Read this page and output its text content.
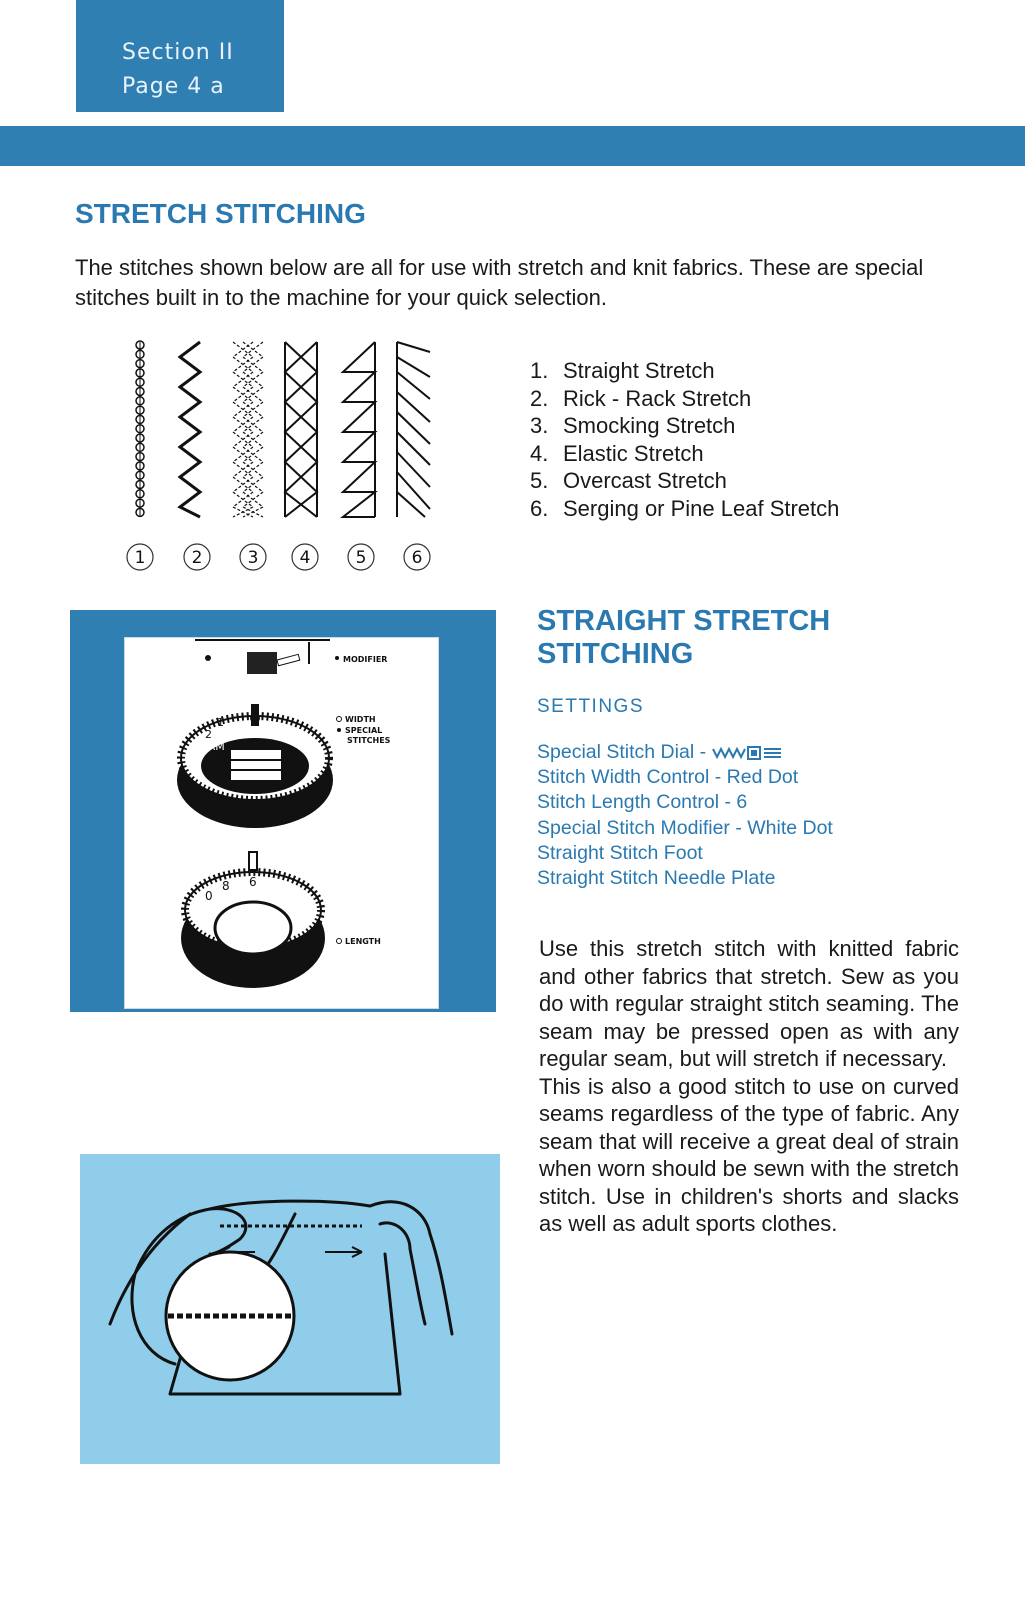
Section II
Page 4 a
STRETCH STITCHING
The stitches shown below are all for use with stretch and knit fabrics. These are special stitches built in to the machine for your quick selection.
1	2	3 4	5	6
1. Straight Stretch
2. Rick - Rack Stretch
3. Smocking Stretch
4. Elastic Stretch
5. Overcast Stretch
6. Serging or Pine Leaf Stretch
MODIFIER
CAM
1
2
WIDTH
SPECIAL
STITCHES
6
8
0
LENGTH
STRAIGHT STRETCH
STITCHING
SETTINGS
Special Stitch Dial -
Stitch Width Control - Red Dot
Stitch Length Control - 6
Special Stitch Modifier - White Dot
Straight Stitch Foot
Straight Stitch Needle Plate

Use this stretch stitch with knitted fabric and other fabrics that stretch. Sew as you do with regular straight stitch seaming. The seam may be pressed open as with any regular seam, but will stretch if necessary.

This is also a good stitch to use on curved seams regardless of the type of fabric. Any seam that will receive a great deal of strain when worn should be sewn with the stretch stitch. Use in children's shorts and slacks as well as adult sports clothes.
